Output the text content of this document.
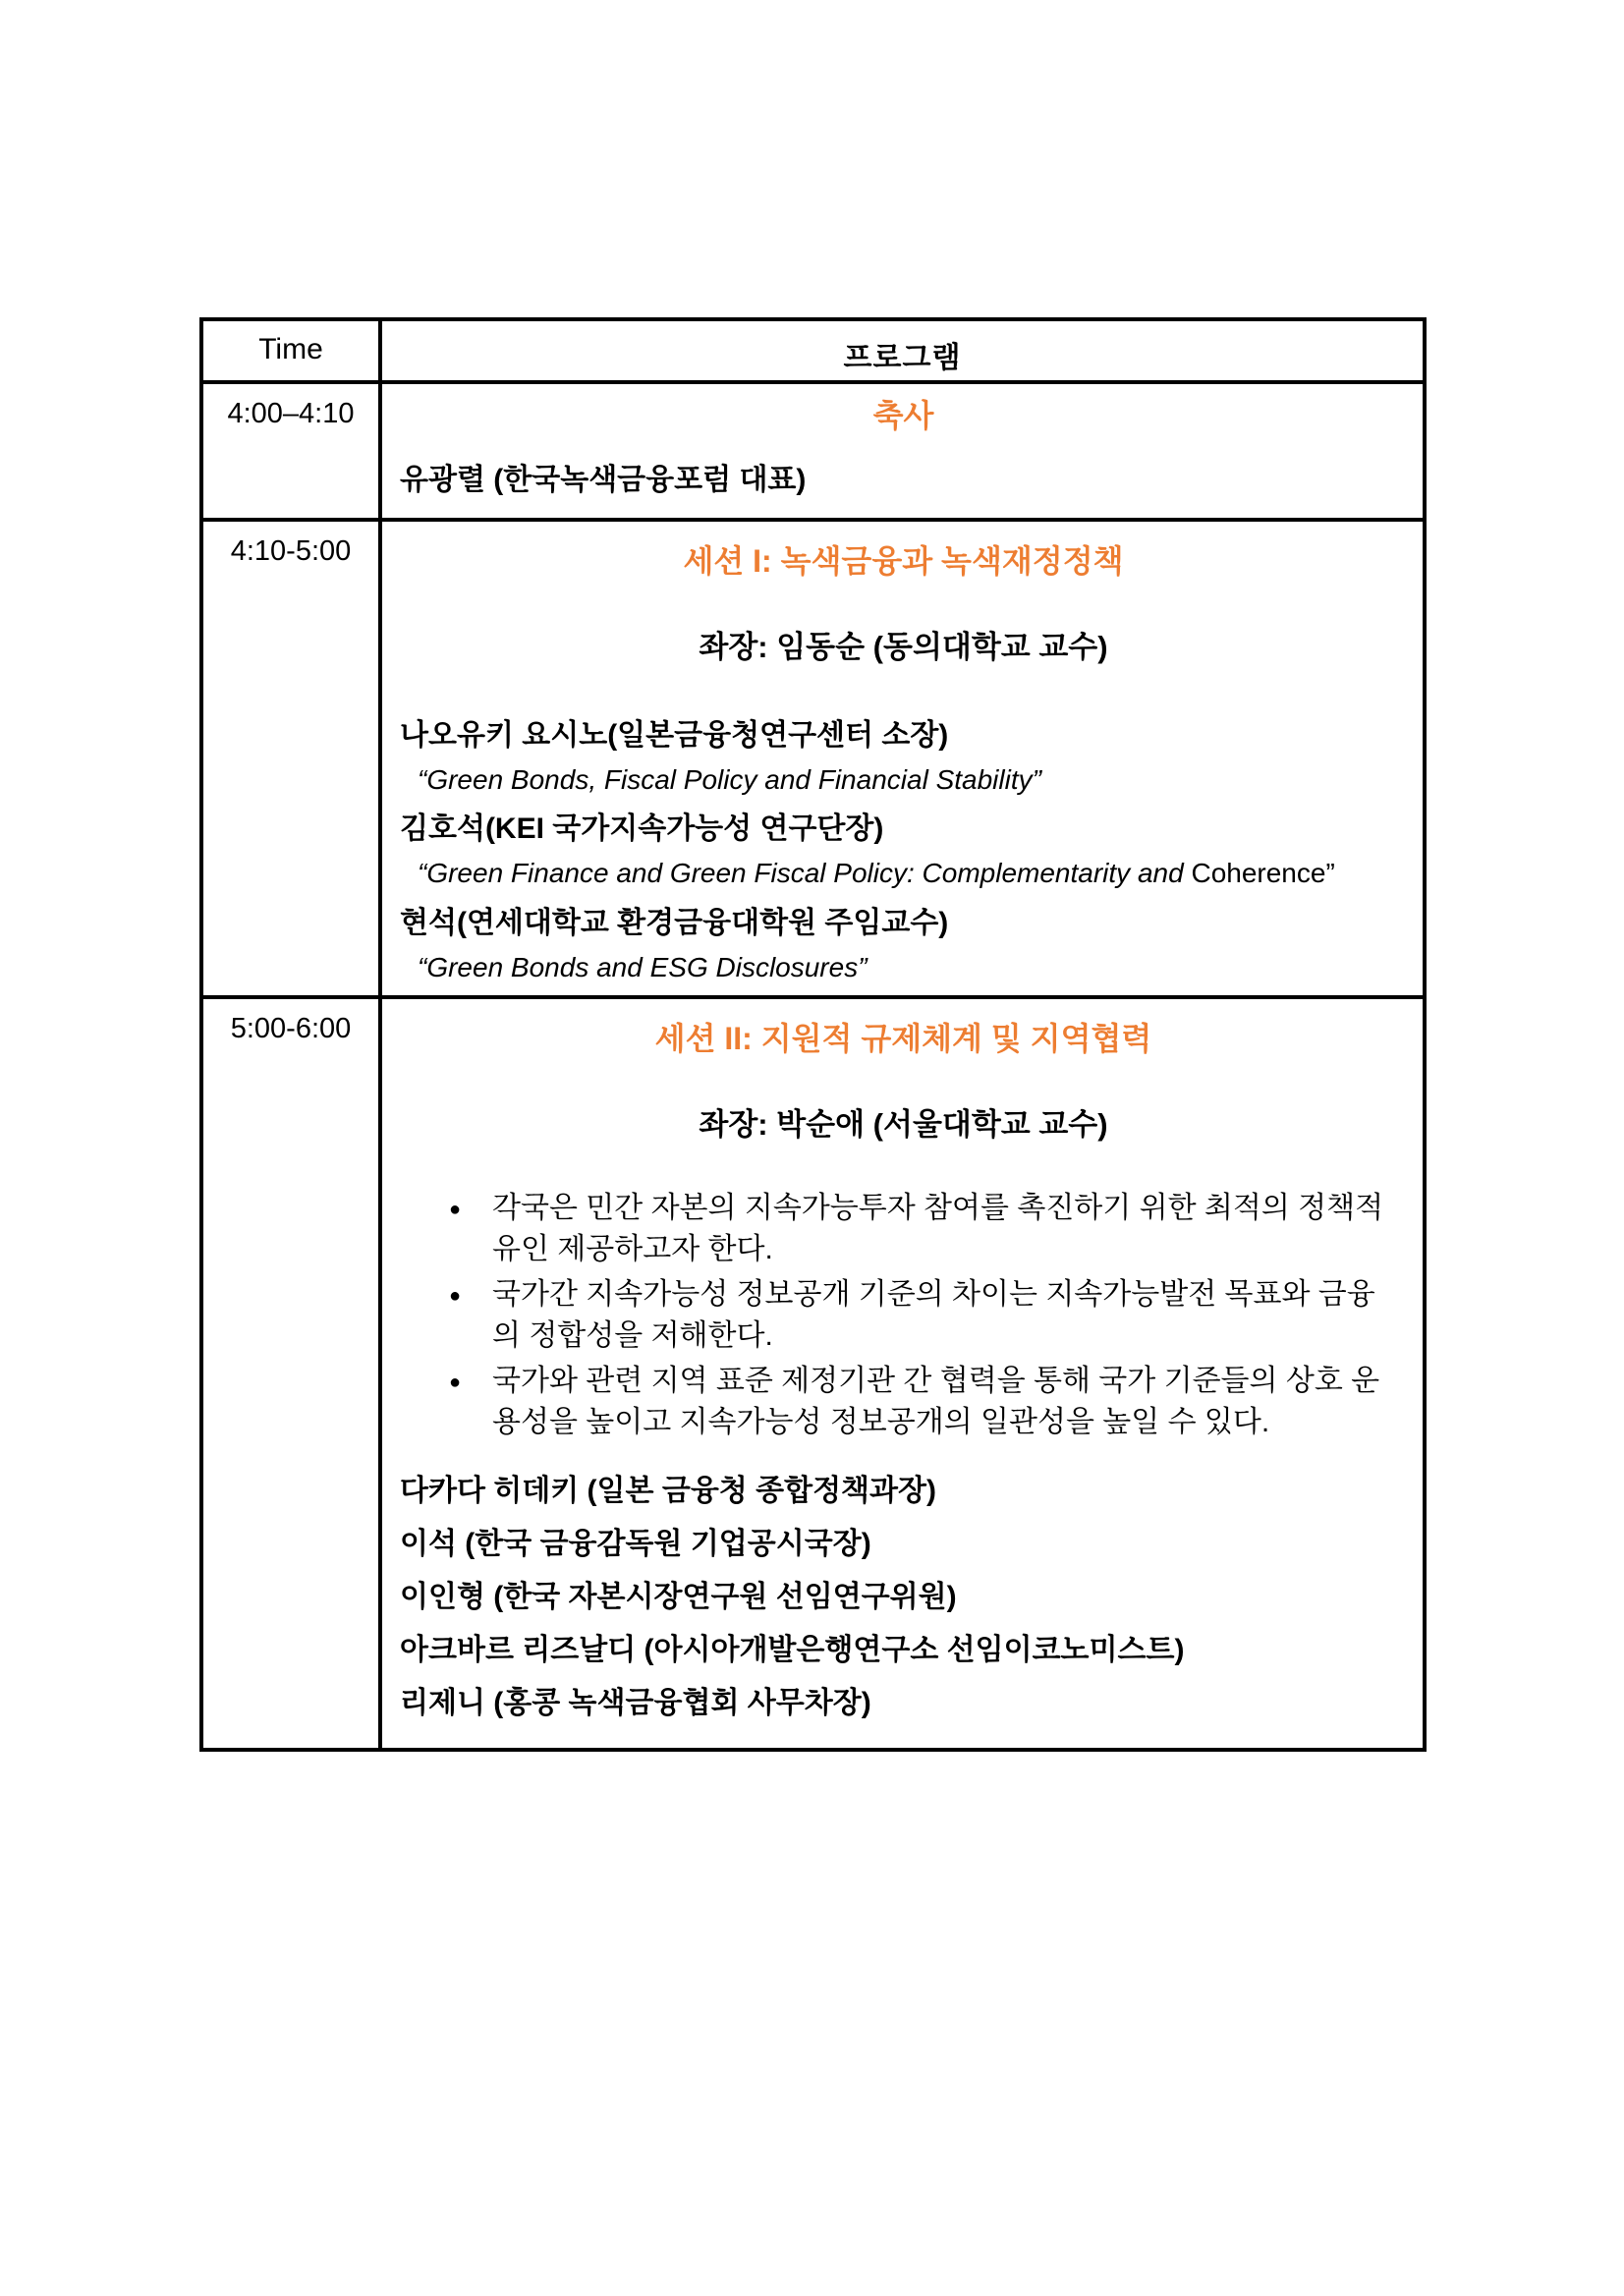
Time	프로그램
4:00–4:10	축사
유광렬 (한국녹색금융포럼 대표)

4:10-5:00	세션 I: 녹색금융과 녹색재정정책
좌장: 임동순 (동의대학교 교수)
나오유키 요시노(일본금융청연구센터 소장)
“Green Bonds, Fiscal Policy and Financial Stability”
김호석(KEI 국가지속가능성 연구단장)
“Green Finance and Green Fiscal Policy: Complementarity and Coherence”
현석(연세대학교 환경금융대학원 주임교수)
“Green Bonds and ESG Disclosures”

5:00-6:00	세션 II: 지원적 규제체계 및 지역협력
좌장: 박순애 (서울대학교 교수)
● 각국은 민간 자본의 지속가능투자 참여를 촉진하기 위한 최적의 정책적 유인 제공하고자 한다.
● 국가간 지속가능성 정보공개 기준의 차이는 지속가능발전 목표와 금융의 정합성을 저해한다.
● 국가와 관련 지역 표준 제정기관 간 협력을 통해 국가 기준들의 상호 운용성을 높이고 지속가능성 정보공개의 일관성을 높일 수 있다.
다카다 히데키 (일본 금융청 종합정책과장)
이석 (한국 금융감독원 기업공시국장)
이인형 (한국 자본시장연구원 선임연구위원)
아크바르 리즈날디 (아시아개발은행연구소 선임이코노미스트)
리제니 (홍콩 녹색금융협회 사무차장)
